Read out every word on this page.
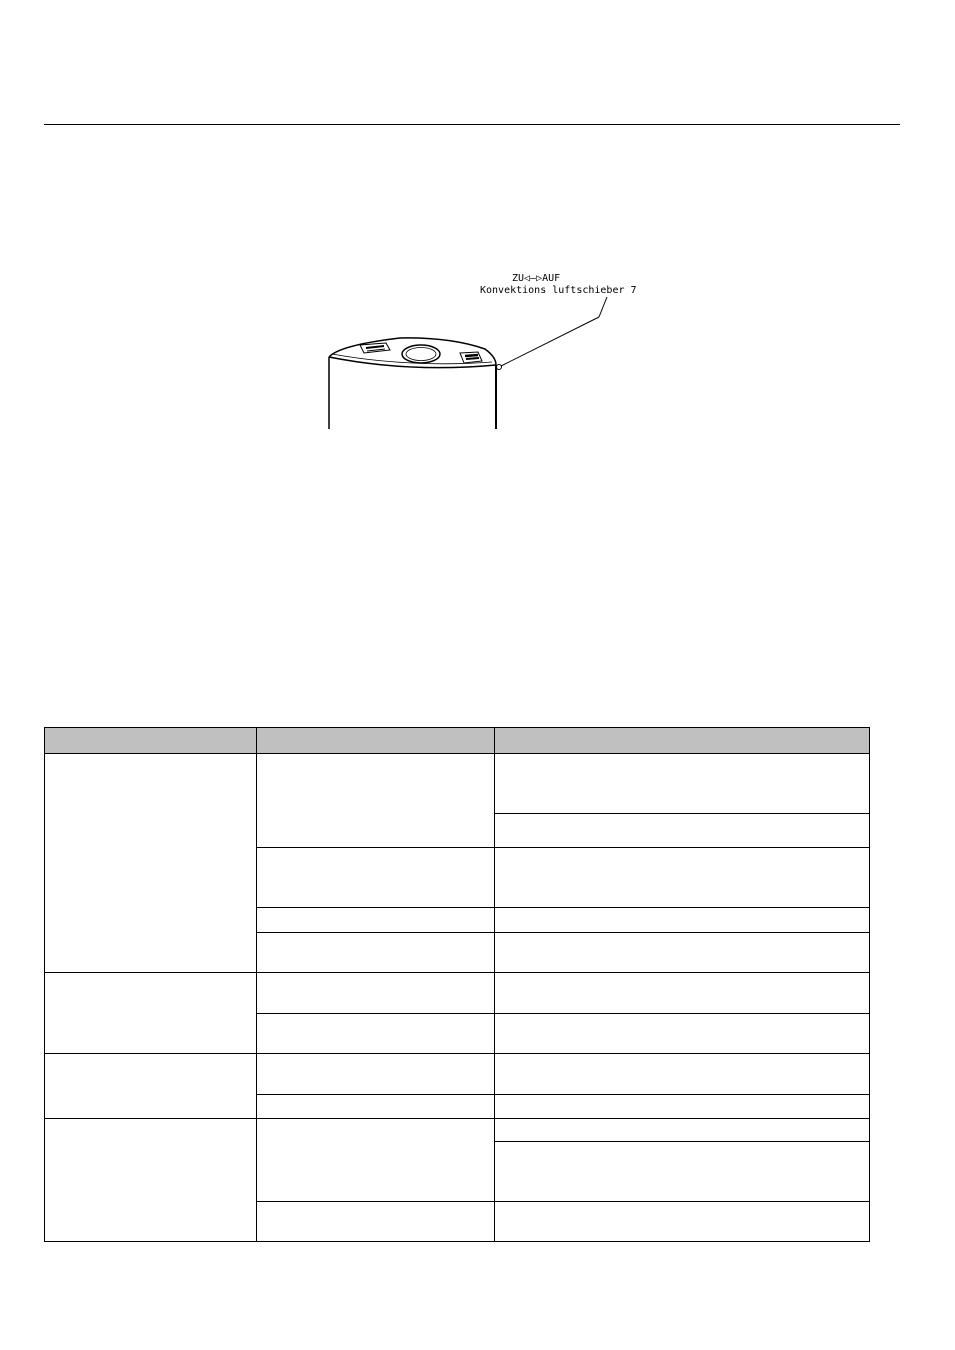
ZU◁—▷AUF
Konvektions luftschieber 7
